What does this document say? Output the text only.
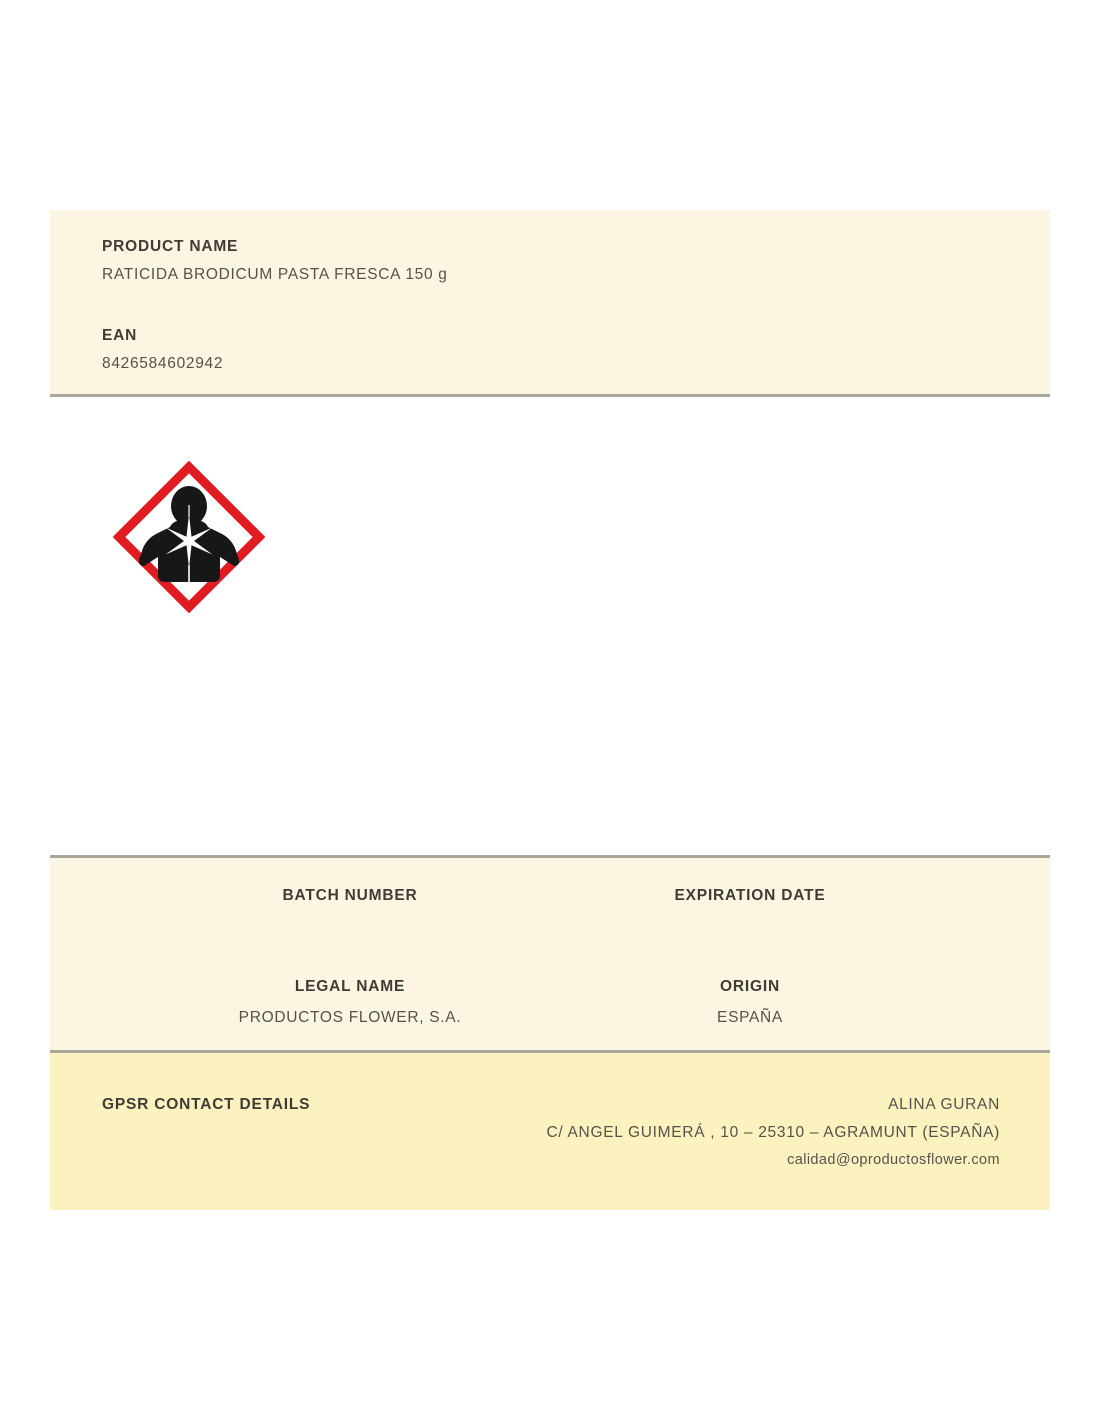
PRODUCT NAME
RATICIDA BRODICUM PASTA FRESCA 150 g
EAN
8426584602942
BATCH NUMBER	EXPIRATION DATE
LEGAL NAME
PRODUCTOS FLOWER, S.A.
ORIGIN
ESPAÑA
GPSR CONTACT DETAILS	ALINA GURAN
C/ ANGEL GUIMERÁ , 10 – 25310 – AGRAMUNT (ESPAÑA)
calidad@oproductosflower.com
